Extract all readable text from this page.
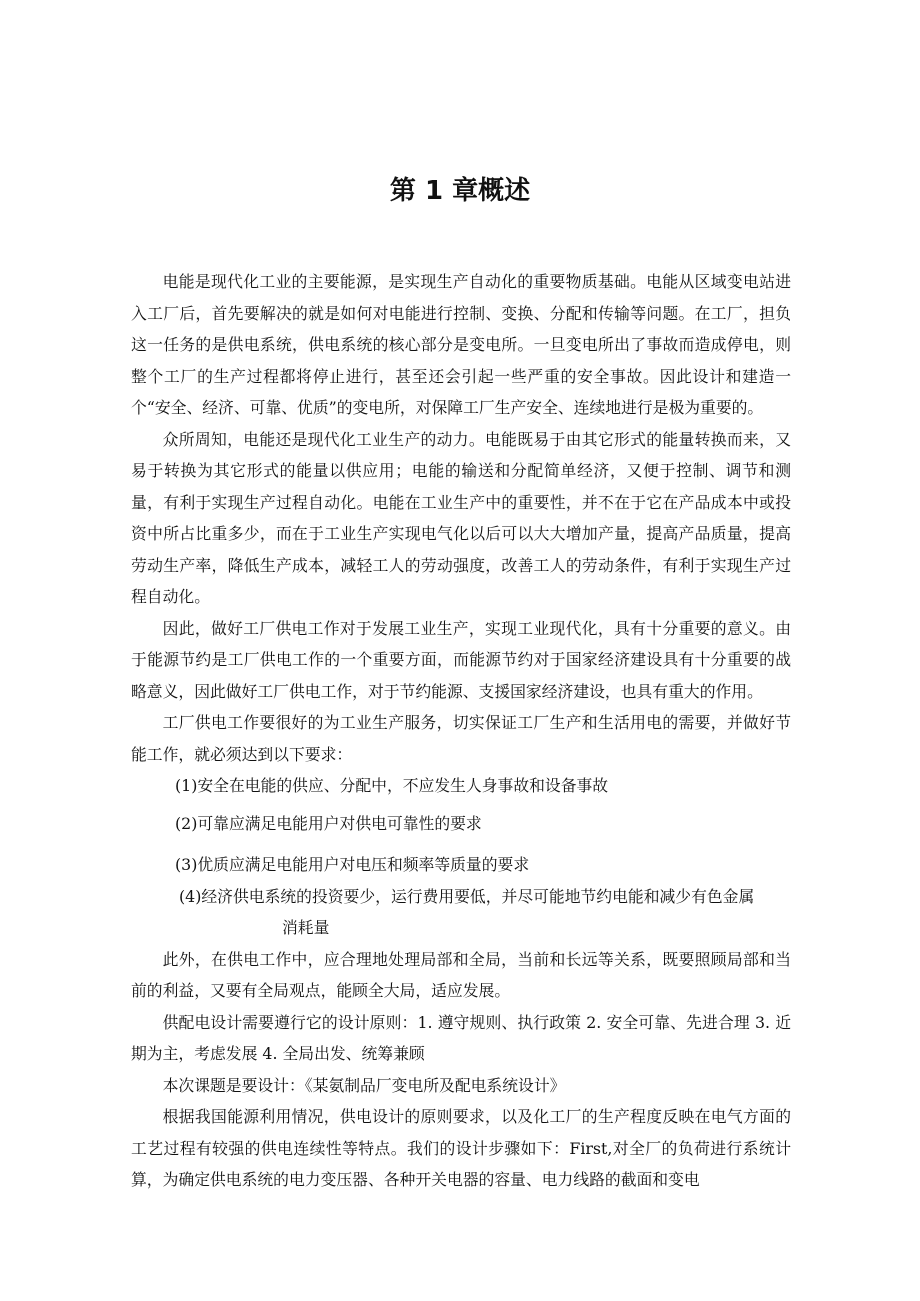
第 1 章概述

电能是现代化工业的主要能源，是实现生产自动化的重要物质基础。电能从区域变电站进入工厂后，首先要解决的就是如何对电能进行控制、变换、分配和传输等问题。在工厂，担负这一任务的是供电系统，供电系统的核心部分是变电所。一旦变电所出了事故而造成停电，则整个工厂的生产过程都将停止进行，甚至还会引起一些严重的安全事故。因此设计和建造一个“安全、经济、可靠、优质”的变电所，对保障工厂生产安全、连续地进行是极为重要的。

众所周知，电能还是现代化工业生产的动力。电能既易于由其它形式的能量转换而来，又易于转换为其它形式的能量以供应用；电能的输送和分配简单经济，又便于控制、调节和测量，有利于实现生产过程自动化。电能在工业生产中的重要性，并不在于它在产品成本中或投资中所占比重多少，而在于工业生产实现电气化以后可以大大增加产量，提高产品质量，提高劳动生产率，降低生产成本，减轻工人的劳动强度，改善工人的劳动条件，有利于实现生产过程自动化。

因此，做好工厂供电工作对于发展工业生产，实现工业现代化，具有十分重要的意义。由于能源节约是工厂供电工作的一个重要方面，而能源节约对于国家经济建设具有十分重要的战略意义，因此做好工厂供电工作，对于节约能源、支援国家经济建设，也具有重大的作用。

工厂供电工作要很好的为工业生产服务，切实保证工厂生产和生活用电的需要，并做好节能工作，就必须达到以下要求：

(1)安全在电能的供应、分配中，不应发生人身事故和设备事故
(2)可靠应满足电能用户对供电可靠性的要求
(3)优质应满足电能用户对电压和频率等质量的要求
(4)经济供电系统的投资要少，运行费用要低，并尽可能地节约电能和减少有色金属
消耗量

此外，在供电工作中，应合理地处理局部和全局，当前和长远等关系，既要照顾局部和当前的利益，又要有全局观点，能顾全大局，适应发展。

供配电设计需要遵行它的设计原则：1. 遵守规则、执行政策 2. 安全可靠、先进合理 3. 近期为主，考虑发展 4. 全局出发、统筹兼顾

本次课题是要设计：《某氨制品厂变电所及配电系统设计》

根据我国能源利用情况，供电设计的原则要求，以及化工厂的生产程度反映在电气方面的工艺过程有较强的供电连续性等特点。我们的设计步骤如下：First,对全厂的负荷进行系统计算，为确定供电系统的电力变压器、各种开关电器的容量、电力线路的截面和变电
